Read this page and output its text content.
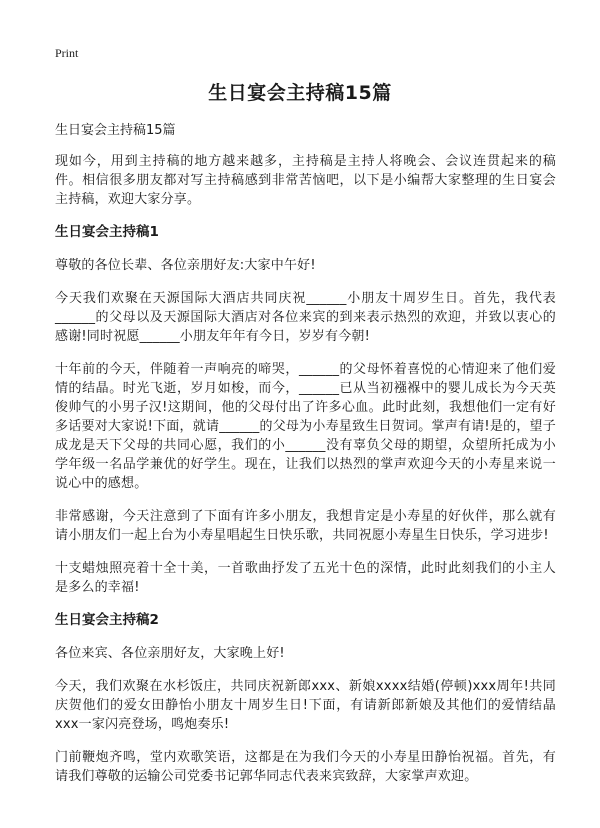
Print
生日宴会主持稿15篇
生日宴会主持稿15篇

现如今，用到主持稿的地方越来越多，主持稿是主持人将晚会、会议连贯起来的稿件。相信很多朋友都对写主持稿感到非常苦恼吧，以下是小编帮大家整理的生日宴会主持稿，欢迎大家分享。

生日宴会主持稿1

尊敬的各位长辈、各位亲朋好友:大家中午好!

今天我们欢聚在天源国际大酒店共同庆祝______小朋友十周岁生日。首先，我代表______的父母以及天源国际大酒店对各位来宾的到来表示热烈的欢迎，并致以衷心的感谢!同时祝愿______小朋友年年有今日，岁岁有今朝!

十年前的今天，伴随着一声响亮的啼哭，______的父母怀着喜悦的心情迎来了他们爱情的结晶。时光飞逝，岁月如梭，而今，______已从当初襁褓中的婴儿成长为今天英俊帅气的小男子汉!这期间，他的父母付出了许多心血。此时此刻，我想他们一定有好多话要对大家说!下面，就请______的父母为小寿星致生日贺词。掌声有请!是的，望子成龙是天下父母的共同心愿，我们的小______没有辜负父母的期望，众望所托成为小学年级一名品学兼优的好学生。现在，让我们以热烈的掌声欢迎今天的小寿星来说一说心中的感想。

非常感谢，今天注意到了下面有许多小朋友，我想肯定是小寿星的好伙伴，那么就有请小朋友们一起上台为小寿星唱起生日快乐歌，共同祝愿小寿星生日快乐，学习进步!

十支蜡烛照亮着十全十美，一首歌曲抒发了五光十色的深情，此时此刻我们的小主人是多么的幸福!

生日宴会主持稿2

各位来宾、各位亲朋好友，大家晚上好!

今天，我们欢聚在水杉饭庄，共同庆祝新郎xxx、新娘xxxx结婚(停顿)xxx周年!共同庆贺他们的爱女田静怡小朋友十周岁生日!下面，有请新郎新娘及其他们的爱情结晶xxx一家闪亮登场，鸣炮奏乐!

门前鞭炮齐鸣，堂内欢歌笑语，这都是在为我们今天的小寿星田静怡祝福。首先，有请我们尊敬的运输公司党委书记郭华同志代表来宾致辞，大家掌声欢迎。
